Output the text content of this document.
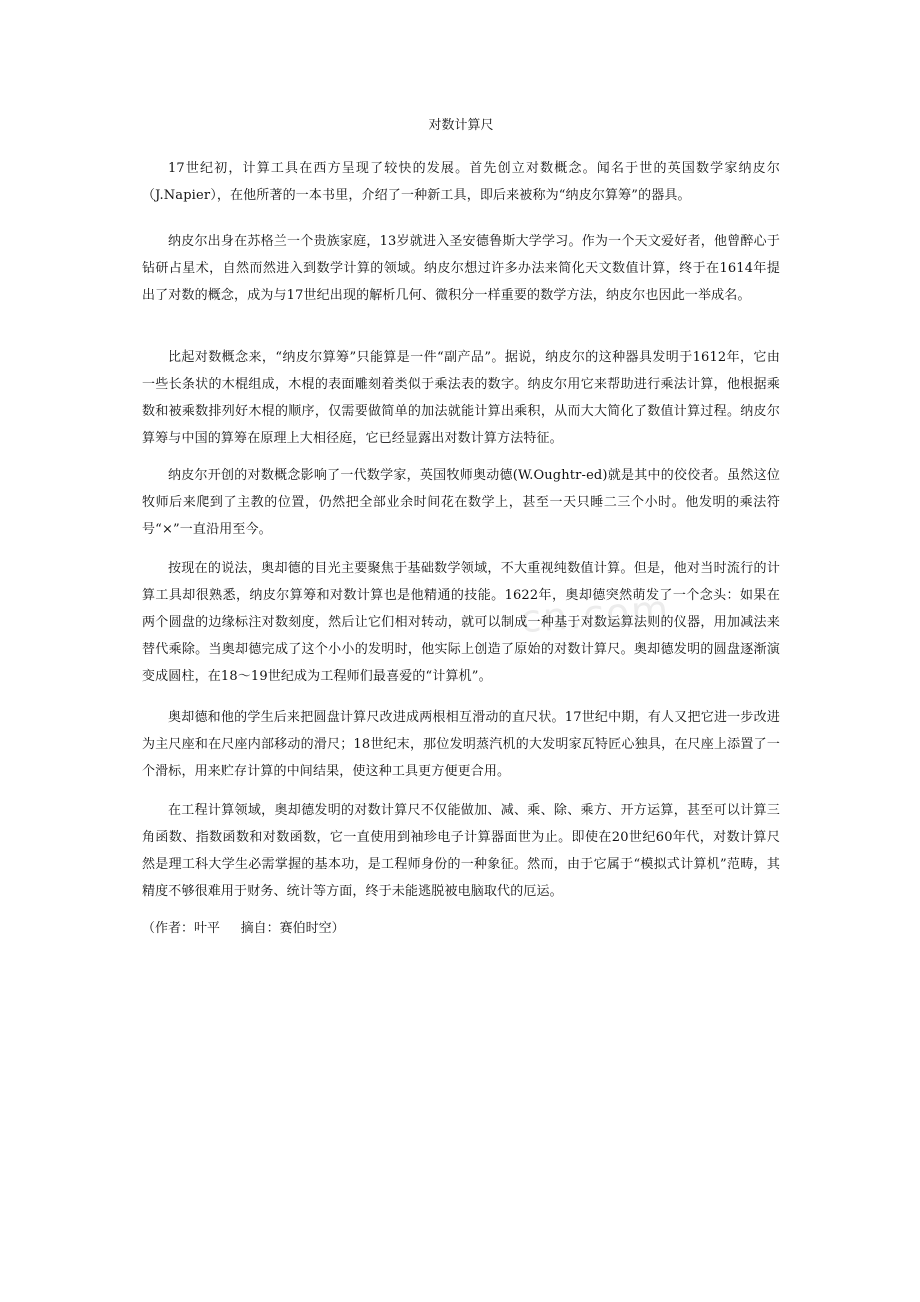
cn.com
对数计算尺

17世纪初，计算工具在西方呈现了较快的发展。首先创立对数概念。闻名于世的英国数学家纳皮尔（J.Napier），在他所著的一本书里，介绍了一种新工具，即后来被称为“纳皮尔算筹”的器具。

纳皮尔出身在苏格兰一个贵族家庭，13岁就进入圣安德鲁斯大学学习。作为一个天文爱好者，他曾醉心于钻研占星术，自然而然进入到数学计算的领域。纳皮尔想过许多办法来简化天文数值计算，终于在1614年提出了对数的概念，成为与17世纪出现的解析几何、微积分一样重要的数学方法，纳皮尔也因此一举成名。

比起对数概念来，“纳皮尔算筹”只能算是一件“副产品”。据说，纳皮尔的这种器具发明于1612年，它由一些长条状的木棍组成，木棍的表面雕刻着类似于乘法表的数字。纳皮尔用它来帮助进行乘法计算，他根据乘数和被乘数排列好木棍的顺序，仅需要做简单的加法就能计算出乘积，从而大大简化了数值计算过程。纳皮尔算筹与中国的算筹在原理上大相径庭，它已经显露出对数计算方法特征。

纳皮尔开创的对数概念影响了一代数学家，英国牧师奥动德(W.Oughtr-ed)就是其中的佼佼者。虽然这位牧师后来爬到了主教的位置，仍然把全部业余时间花在数学上，甚至一天只睡二三个小时。他发明的乘法符号“×”一直沿用至今。

按现在的说法，奥却德的目光主要聚焦于基础数学领域，不大重视纯数值计算。但是，他对当时流行的计算工具却很熟悉，纳皮尔算筹和对数计算也是他精通的技能。1622年，奥却德突然萌发了一个念头：如果在两个圆盘的边缘标注对数刻度，然后让它们相对转动，就可以制成一种基于对数运算法则的仪器，用加减法来替代乘除。当奥却德完成了这个小小的发明时，他实际上创造了原始的对数计算尺。奥却德发明的圆盘逐渐演变成圆柱，在18～19世纪成为工程师们最喜爱的“计算机”。

奥却德和他的学生后来把圆盘计算尺改进成两根相互滑动的直尺状。17世纪中期，有人又把它进一步改进为主尺座和在尺座内部移动的滑尺；18世纪末，那位发明蒸汽机的大发明家瓦特匠心独具，在尺座上添置了一个滑标，用来贮存计算的中间结果，使这种工具更方便更合用。

在工程计算领域，奥却德发明的对数计算尺不仅能做加、减、乘、除、乘方、开方运算，甚至可以计算三角函数、指数函数和对数函数，它一直使用到袖珍电子计算器面世为止。即使在20世纪60年代，对数计算尺然是理工科大学生必需掌握的基本功，是工程师身份的一种象征。然而，由于它属于“模拟式计算机”范畴，其精度不够很难用于财务、统计等方面，终于未能逃脱被电脑取代的厄运。

（作者：叶平     摘自：赛伯时空）
